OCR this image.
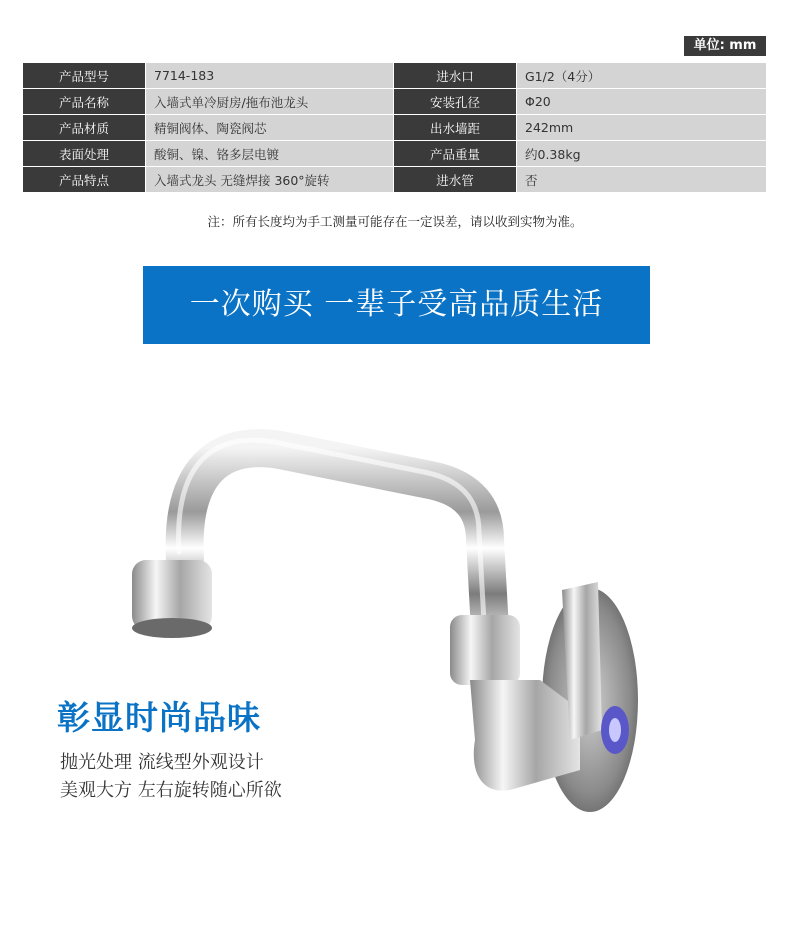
单位: mm
产品型号	7714-183	进水口	G1/2（4分）
产品名称	入墙式单冷厨房/拖布池龙头	安装孔径	Φ20
产品材质	精铜阀体、陶瓷阀芯	出水墙距	242mm
表面处理	酸铜、镍、铬多层电镀	产品重量	约0.38kg
产品特点	入墙式龙头 无缝焊接 360°旋转	进水管	否
注：所有长度均为手工测量可能存在一定误差，请以收到实物为准。
一次购买 一辈子受高品质生活
彰显时尚品味
抛光处理 流线型外观设计
美观大方 左右旋转随心所欲
